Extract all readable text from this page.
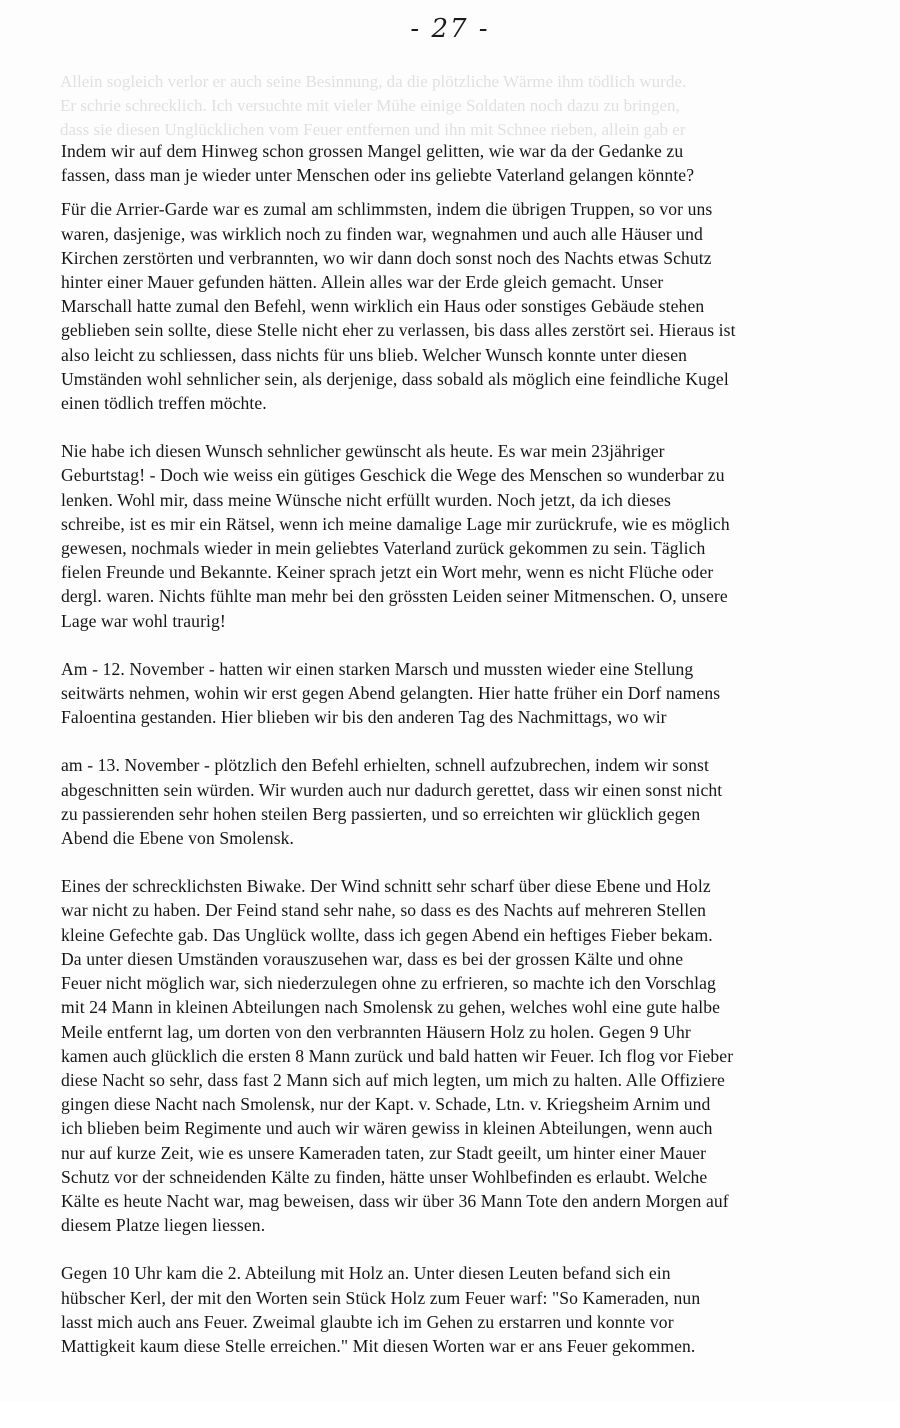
Allein sogleich verlor er auch seine Besinnung, da die plötzliche Wärme ihm tödlich wurde.
Er schrie schrecklich. Ich versuchte mit vieler Mühe einige Soldaten noch dazu zu bringen,
dass sie diesen Unglücklichen vom Feuer entfernen und ihn mit Schnee rieben, allein gab er
- 27 -

Indem wir auf dem Hinweg schon grossen Mangel gelitten, wie war da der Gedanke zu
fassen, dass man je wieder unter Menschen oder ins geliebte Vaterland gelangen könnte?

Für die Arrier-Garde war es zumal am schlimmsten, indem die übrigen Truppen, so vor uns
waren, dasjenige, was wirklich noch zu finden war, wegnahmen und auch alle Häuser und
Kirchen zerstörten und verbrannten, wo wir dann doch sonst noch des Nachts etwas Schutz
hinter einer Mauer gefunden hätten. Allein alles war der Erde gleich gemacht. Unser
Marschall hatte zumal den Befehl, wenn wirklich ein Haus oder sonstiges Gebäude stehen
geblieben sein sollte, diese Stelle nicht eher zu verlassen, bis dass alles zerstört sei. Hieraus ist
also leicht zu schliessen, dass nichts für uns blieb. Welcher Wunsch konnte unter diesen
Umständen wohl sehnlicher sein, als derjenige, dass sobald als möglich eine feindliche Kugel
einen tödlich treffen möchte.

Nie habe ich diesen Wunsch sehnlicher gewünscht als heute. Es war mein 23jähriger
Geburtstag! - Doch wie weiss ein gütiges Geschick die Wege des Menschen so wunderbar zu
lenken. Wohl mir, dass meine Wünsche nicht erfüllt wurden. Noch jetzt, da ich dieses
schreibe, ist es mir ein Rätsel, wenn ich meine damalige Lage mir zurückrufe, wie es möglich
gewesen, nochmals wieder in mein geliebtes Vaterland zurück gekommen zu sein. Täglich
fielen Freunde und Bekannte. Keiner sprach jetzt ein Wort mehr, wenn es nicht Flüche oder
dergl. waren. Nichts fühlte man mehr bei den grössten Leiden seiner Mitmenschen. O, unsere
Lage war wohl traurig!

Am - 12. November - hatten wir einen starken Marsch und mussten wieder eine Stellung
seitwärts nehmen, wohin wir erst gegen Abend gelangten. Hier hatte früher ein Dorf namens
Faloentina gestanden. Hier blieben wir bis den anderen Tag des Nachmittags, wo wir

am - 13. November - plötzlich den Befehl erhielten, schnell aufzubrechen, indem wir sonst
abgeschnitten sein würden. Wir wurden auch nur dadurch gerettet, dass wir einen sonst nicht
zu passierenden sehr hohen steilen Berg passierten, und so erreichten wir glücklich gegen
Abend die Ebene von Smolensk.

Eines der schrecklichsten Biwake. Der Wind schnitt sehr scharf über diese Ebene und Holz
war nicht zu haben. Der Feind stand sehr nahe, so dass es des Nachts auf mehreren Stellen
kleine Gefechte gab. Das Unglück wollte, dass ich gegen Abend ein heftiges Fieber bekam.
Da unter diesen Umständen vorauszusehen war, dass es bei der grossen Kälte und ohne
Feuer nicht möglich war, sich niederzulegen ohne zu erfrieren, so machte ich den Vorschlag
mit 24 Mann in kleinen Abteilungen nach Smolensk zu gehen, welches wohl eine gute halbe
Meile entfernt lag, um dorten von den verbrannten Häusern Holz zu holen. Gegen 9 Uhr
kamen auch glücklich die ersten 8 Mann zurück und bald hatten wir Feuer. Ich flog vor Fieber
diese Nacht so sehr, dass fast 2 Mann sich auf mich legten, um mich zu halten. Alle Offiziere
gingen diese Nacht nach Smolensk, nur der Kapt. v. Schade, Ltn. v. Kriegsheim Arnim und
ich blieben beim Regimente und auch wir wären gewiss in kleinen Abteilungen, wenn auch
nur auf kurze Zeit, wie es unsere Kameraden taten, zur Stadt geeilt, um hinter einer Mauer
Schutz vor der schneidenden Kälte zu finden, hätte unser Wohlbefinden es erlaubt. Welche
Kälte es heute Nacht war, mag beweisen, dass wir über 36 Mann Tote den andern Morgen auf
diesem Platze liegen liessen.

Gegen 10 Uhr kam die 2. Abteilung mit Holz an. Unter diesen Leuten befand sich ein
hübscher Kerl, der mit den Worten sein Stück Holz zum Feuer warf: "So Kameraden, nun
lasst mich auch ans Feuer. Zweimal glaubte ich im Gehen zu erstarren und konnte vor
Mattigkeit kaum diese Stelle erreichen." Mit diesen Worten war er ans Feuer gekommen.
